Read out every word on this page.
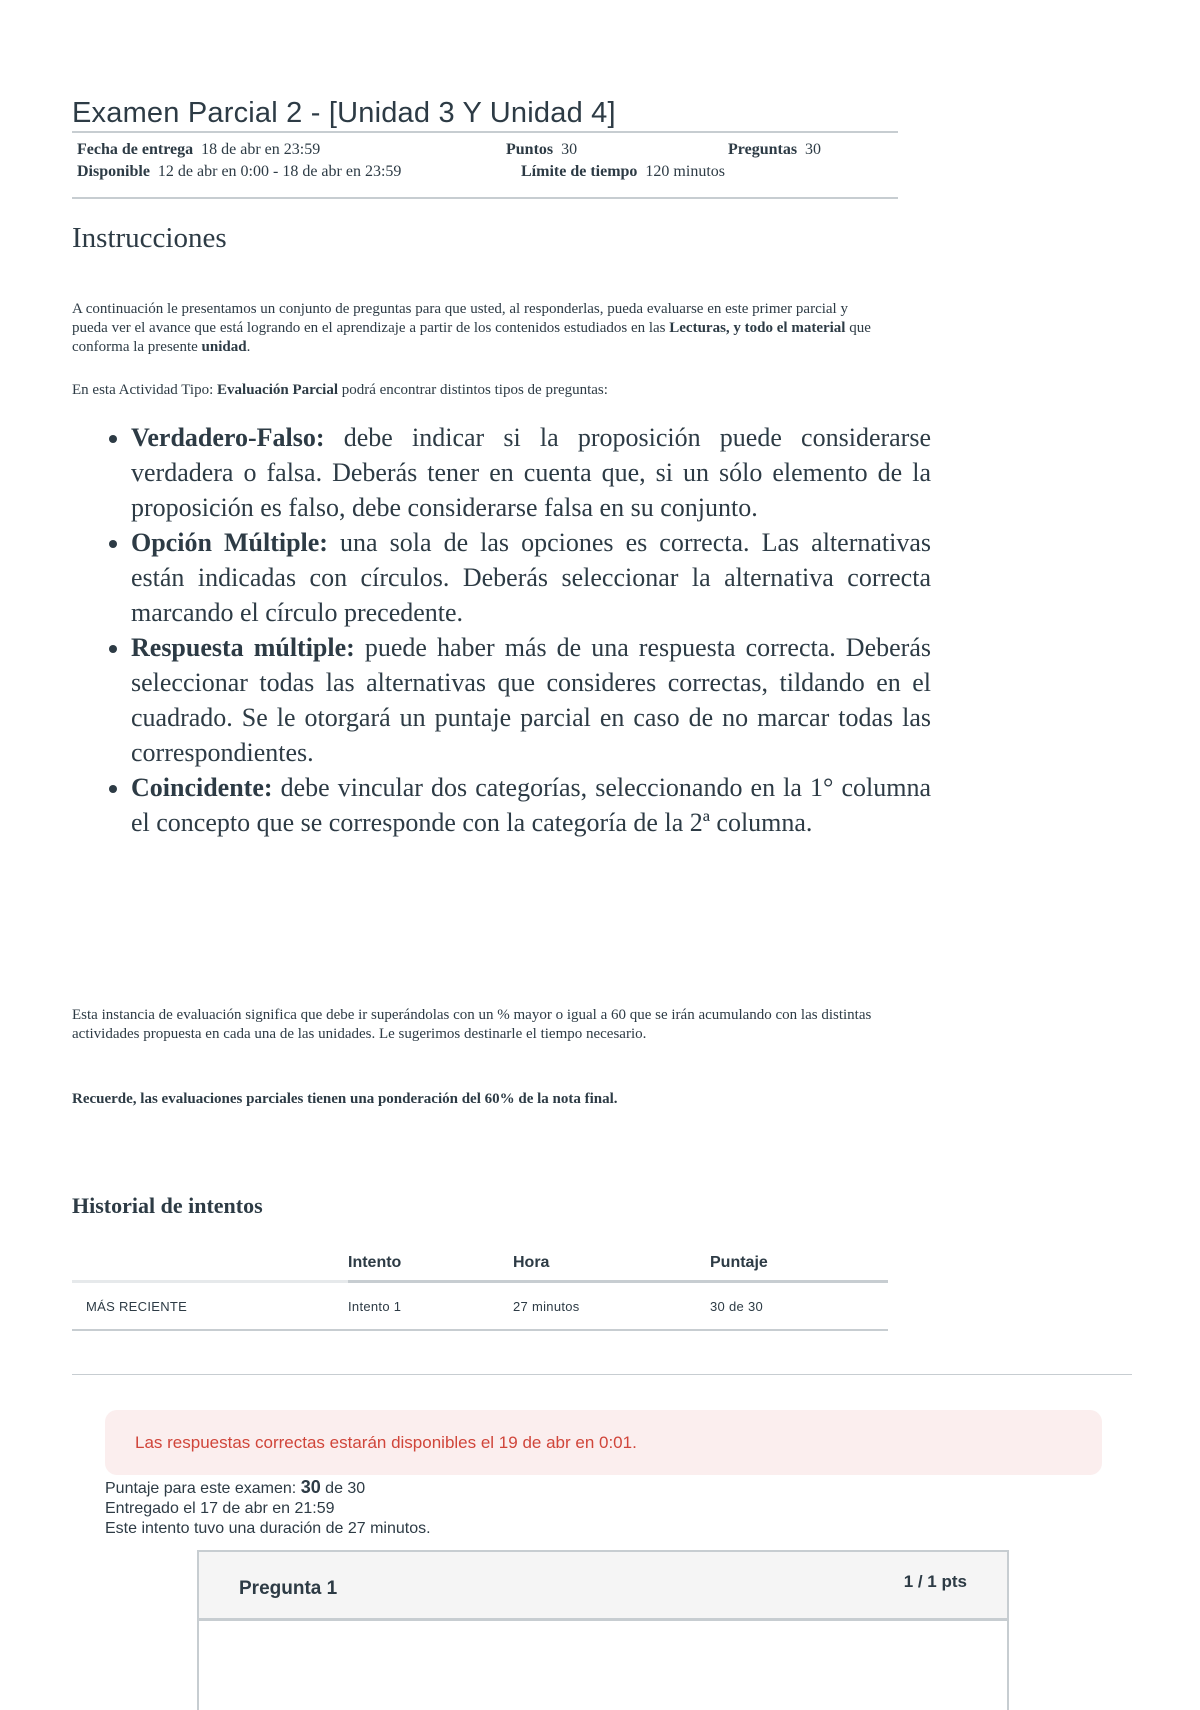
Examen Parcial 2 - [Unidad 3 Y Unidad 4]
Fecha de entrega 18 de abr en 23:59	Puntos 30	Preguntas 30
Disponible 12 de abr en 0:00 - 18 de abr en 23:59	Límite de tiempo 120 minutos
Instrucciones

A continuación le presentamos un conjunto de preguntas para que usted, al responderlas, pueda evaluarse en este primer parcial y pueda ver el avance que está logrando en el aprendizaje a partir de los contenidos estudiados en las Lecturas, y todo el material que conforma la presente unidad.

En esta Actividad Tipo: Evaluación Parcial podrá encontrar distintos tipos de preguntas:

• Verdadero-Falso: debe indicar si la proposición puede considerarse verdadera o falsa. Deberás tener en cuenta que, si un sólo elemento de la proposición es falso, debe considerarse falsa en su conjunto.
• Opción Múltiple: una sola de las opciones es correcta. Las alternativas están indicadas con círculos. Deberás seleccionar la alternativa correcta marcando el círculo precedente.
• Respuesta múltiple: puede haber más de una respuesta correcta. Deberás seleccionar todas las alternativas que consideres correctas, tildando en el cuadrado. Se le otorgará un puntaje parcial en caso de no marcar todas las correspondientes.
• Coincidente: debe vincular dos categorías, seleccionando en la 1° columna el concepto que se corresponde con la categoría de la 2ª columna.

Esta instancia de evaluación significa que debe ir superándolas con un % mayor o igual a 60 que se irán acumulando con las distintas actividades propuesta en cada una de las unidades. Le sugerimos destinarle el tiempo necesario.

Recuerde, las evaluaciones parciales tienen una ponderación del 60% de la nota final.

Historial de intentos
	Intento	Hora	Puntaje
MÁS RECIENTE	Intento 1	27 minutos	30 de 30
Las respuestas correctas estarán disponibles el 19 de abr en 0:01.
Puntaje para este examen: 30 de 30
Entregado el 17 de abr en 21:59
Este intento tuvo una duración de 27 minutos.
Pregunta 1	1 / 1 pts
